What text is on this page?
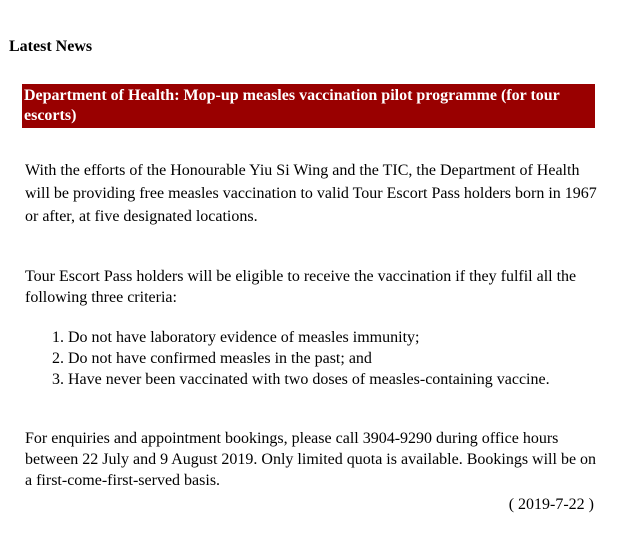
Latest News
Department of Health: Mop-up measles vaccination pilot programme (for tour escorts)

With the efforts of the Honourable Yiu Si Wing and the TIC, the Department of Health will be providing free measles vaccination to valid Tour Escort Pass holders born in 1967 or after, at five designated locations.

Tour Escort Pass holders will be eligible to receive the vaccination if they fulfil all the following three criteria:

1. Do not have laboratory evidence of measles immunity;
2. Do not have confirmed measles in the past; and
3. Have never been vaccinated with two doses of measles-containing vaccine.

For enquiries and appointment bookings, please call 3904-9290 during office hours between 22 July and 9 August 2019. Only limited quota is available. Bookings will be on a first-come-first-served basis.

( 2019-7-22 )
